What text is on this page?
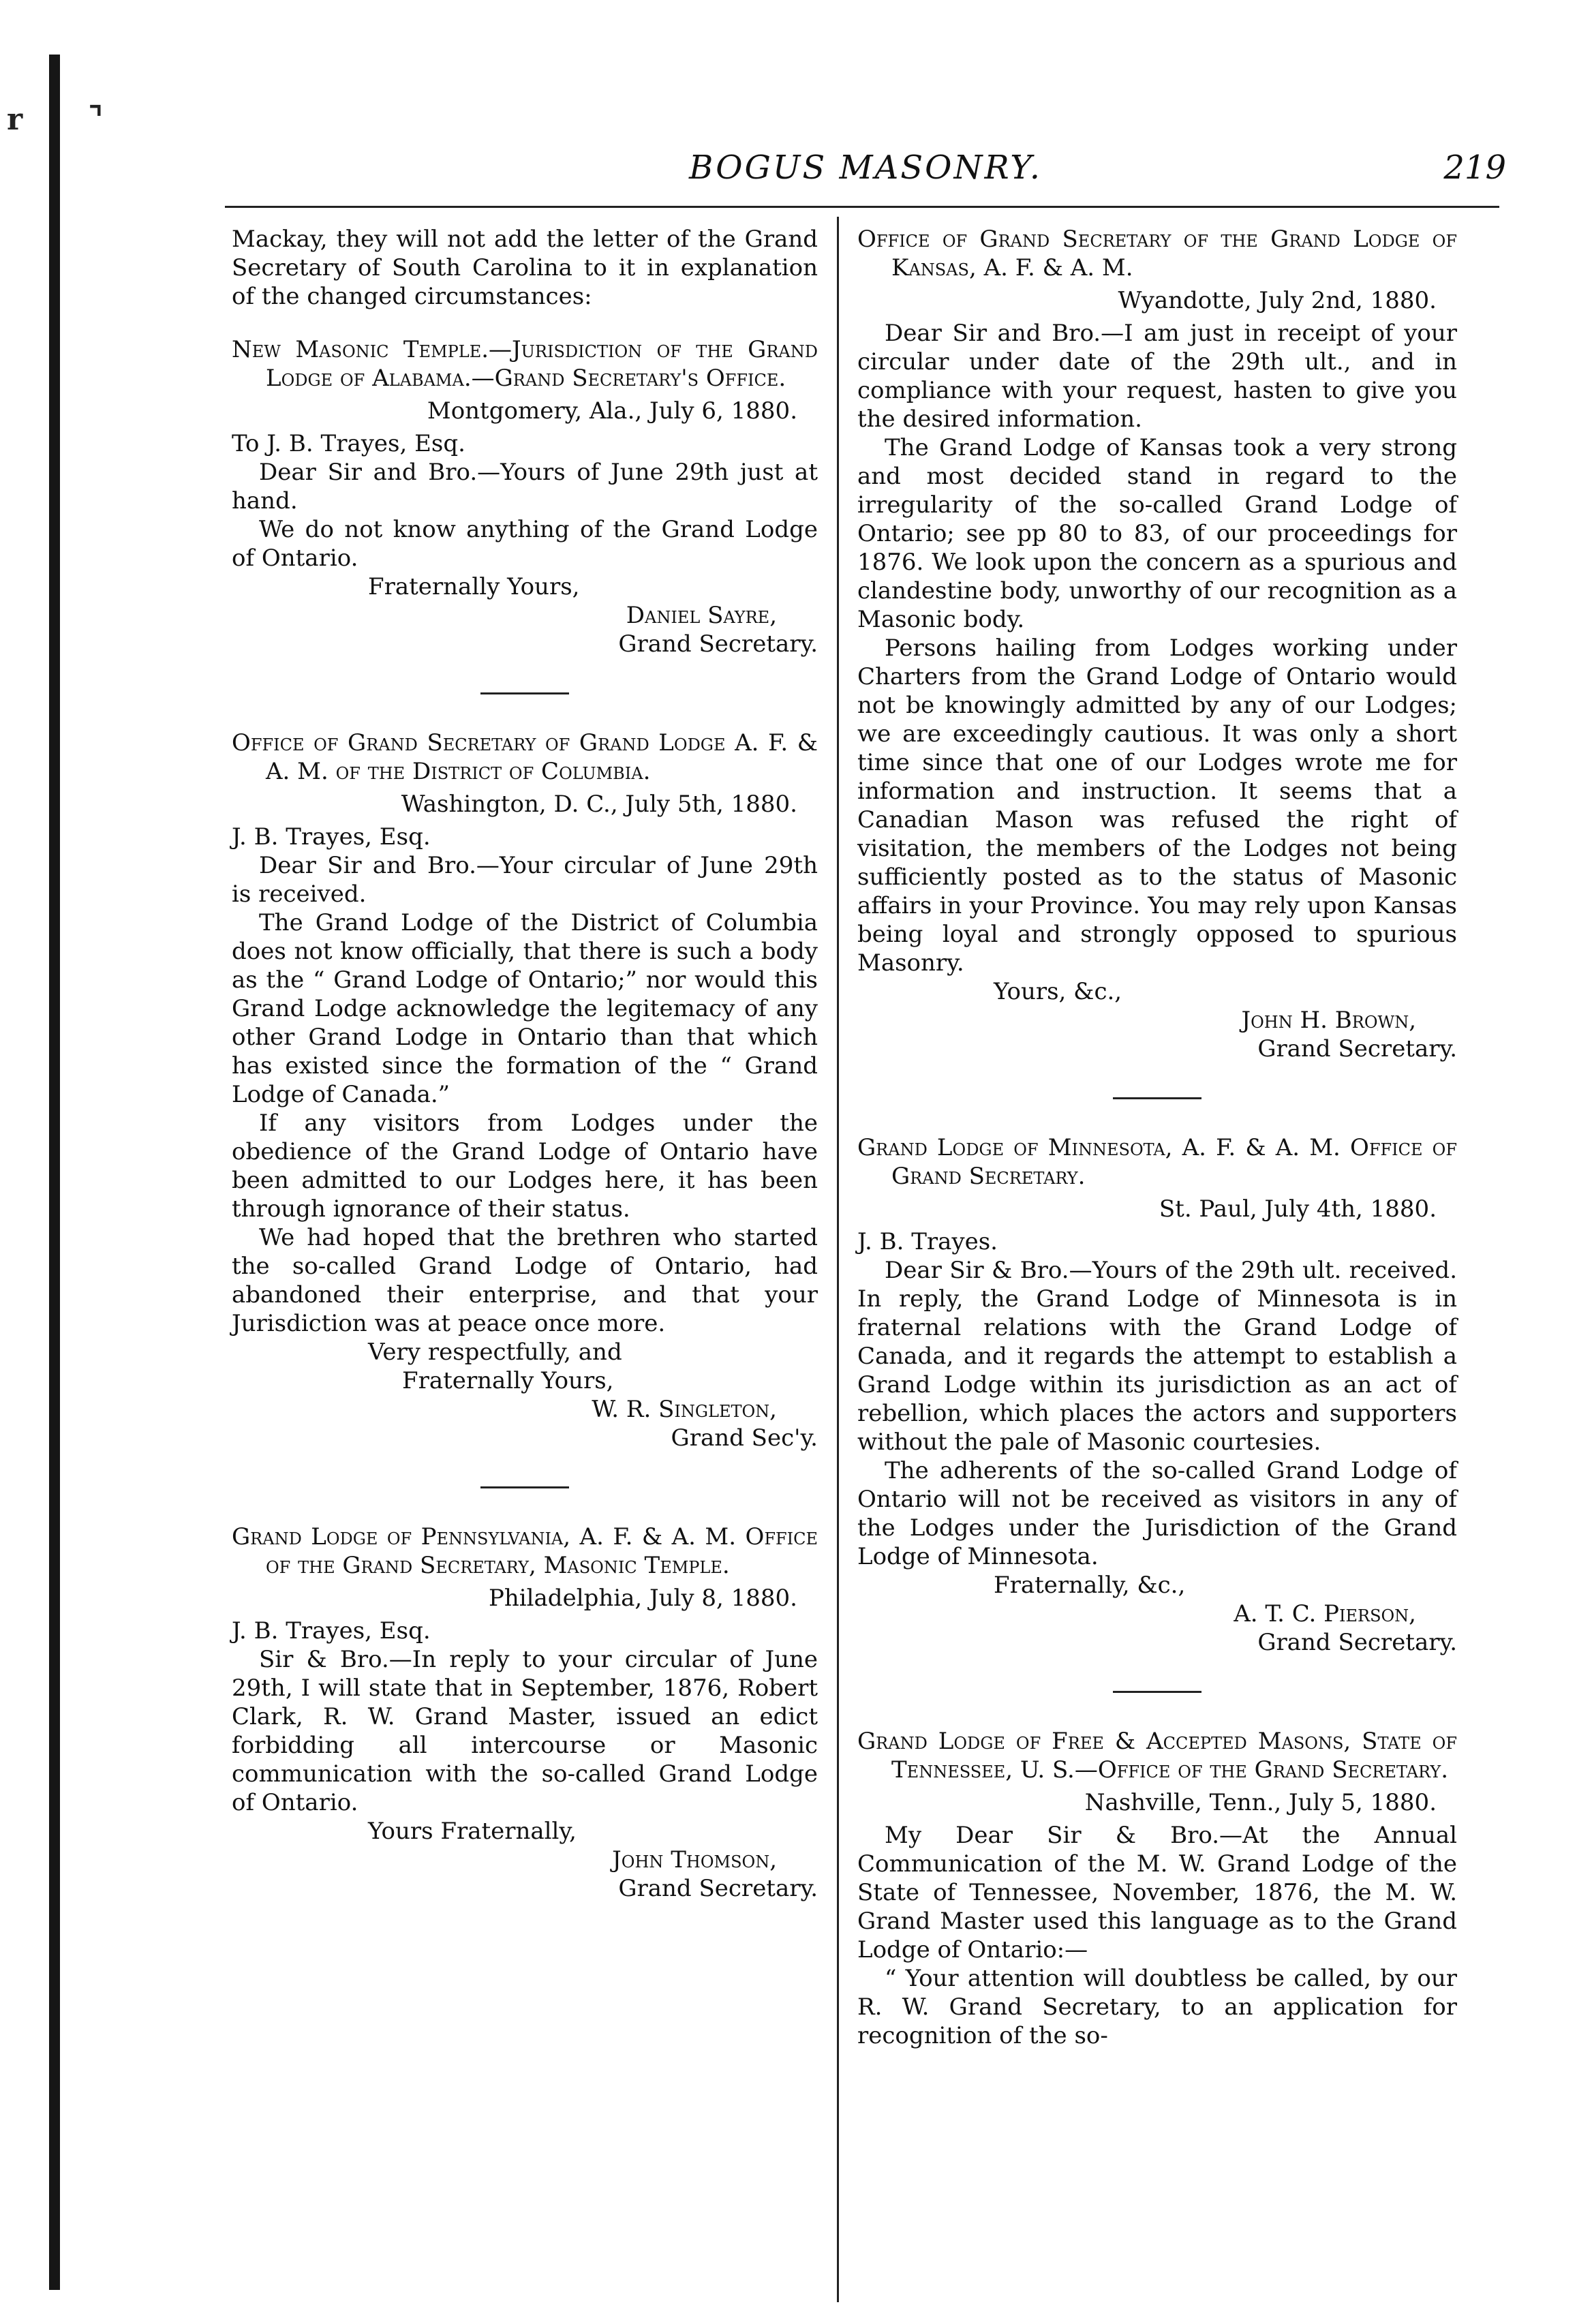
r ⌝
BOGUS MASONRY.	219

Mackay, they will not add the letter of the Grand Secretary of South Carolina to it in explanation of the changed circumstances:

New Masonic Temple.—Jurisdiction of the Grand Lodge of Alabama.—Grand Secretary's Office.

Montgomery, Ala., July 6, 1880.

To J. B. Trayes, Esq.

Dear Sir and Bro.—Yours of June 29th just at hand.

We do not know anything of the Grand Lodge of Ontario.

Fraternally Yours,

Daniel Sayre,

Grand Secretary.

Office of Grand Secretary of Grand Lodge A. F. & A. M. of the District of Columbia.

Washington, D. C., July 5th, 1880.

J. B. Trayes, Esq.

Dear Sir and Bro.—Your circular of June 29th is received.

The Grand Lodge of the District of Columbia does not know officially, that there is such a body as the “ Grand Lodge of Ontario;” nor would this Grand Lodge acknowledge the legitemacy of any other Grand Lodge in Ontario than that which has existed since the formation of the “ Grand Lodge of Canada.”

If any visitors from Lodges under the obedience of the Grand Lodge of Ontario have been admitted to our Lodges here, it has been through ignorance of their status.

We had hoped that the brethren who started the so-called Grand Lodge of Ontario, had abandoned their enterprise, and that your Jurisdiction was at peace once more.

Very respectfully, and

Fraternally Yours,

W. R. Singleton,

Grand Sec'y.

Grand Lodge of Pennsylvania, A. F. & A. M. Office of the Grand Secretary, Masonic Temple.

Philadelphia, July 8, 1880.

J. B. Trayes, Esq.

Sir & Bro.—In reply to your circular of June 29th, I will state that in September, 1876, Robert Clark, R. W. Grand Master, issued an edict forbidding all intercourse or Masonic communication with the so-called Grand Lodge of Ontario.

Yours Fraternally,

John Thomson,

Grand Secretary.

Office of Grand Secretary of the Grand Lodge of Kansas, A. F. & A. M.

Wyandotte, July 2nd, 1880.

Dear Sir and Bro.—I am just in receipt of your circular under date of the 29th ult., and in compliance with your request, hasten to give you the desired information.

The Grand Lodge of Kansas took a very strong and most decided stand in regard to the irregularity of the so-called Grand Lodge of Ontario; see pp 80 to 83, of our proceedings for 1876. We look upon the concern as a spurious and clandestine body, unworthy of our recognition as a Masonic body.

Persons hailing from Lodges working under Charters from the Grand Lodge of Ontario would not be knowingly admitted by any of our Lodges; we are exceedingly cautious. It was only a short time since that one of our Lodges wrote me for information and instruction. It seems that a Canadian Mason was refused the right of visitation, the members of the Lodges not being sufficiently posted as to the status of Masonic affairs in your Province. You may rely upon Kansas being loyal and strongly opposed to spurious Masonry.

Yours, &c.,

John H. Brown,

Grand Secretary.

Grand Lodge of Minnesota, A. F. & A. M. Office of Grand Secretary.

St. Paul, July 4th, 1880.

J. B. Trayes.

Dear Sir & Bro.—Yours of the 29th ult. received. In reply, the Grand Lodge of Minnesota is in fraternal relations with the Grand Lodge of Canada, and it regards the attempt to establish a Grand Lodge within its jurisdiction as an act of rebellion, which places the actors and supporters without the pale of Masonic courtesies.

The adherents of the so-called Grand Lodge of Ontario will not be received as visitors in any of the Lodges under the Jurisdiction of the Grand Lodge of Minnesota.

Fraternally, &c.,

A. T. C. Pierson,

Grand Secretary.

Grand Lodge of Free & Accepted Masons, State of Tennessee, U. S.—Office of the Grand Secretary.

Nashville, Tenn., July 5, 1880.

My Dear Sir & Bro.—At the Annual Communication of the M. W. Grand Lodge of the State of Tennessee, November, 1876, the M. W. Grand Master used this language as to the Grand Lodge of Ontario:—

“ Your attention will doubtless be called, by our R. W. Grand Secretary, to an application for recognition of the so-
